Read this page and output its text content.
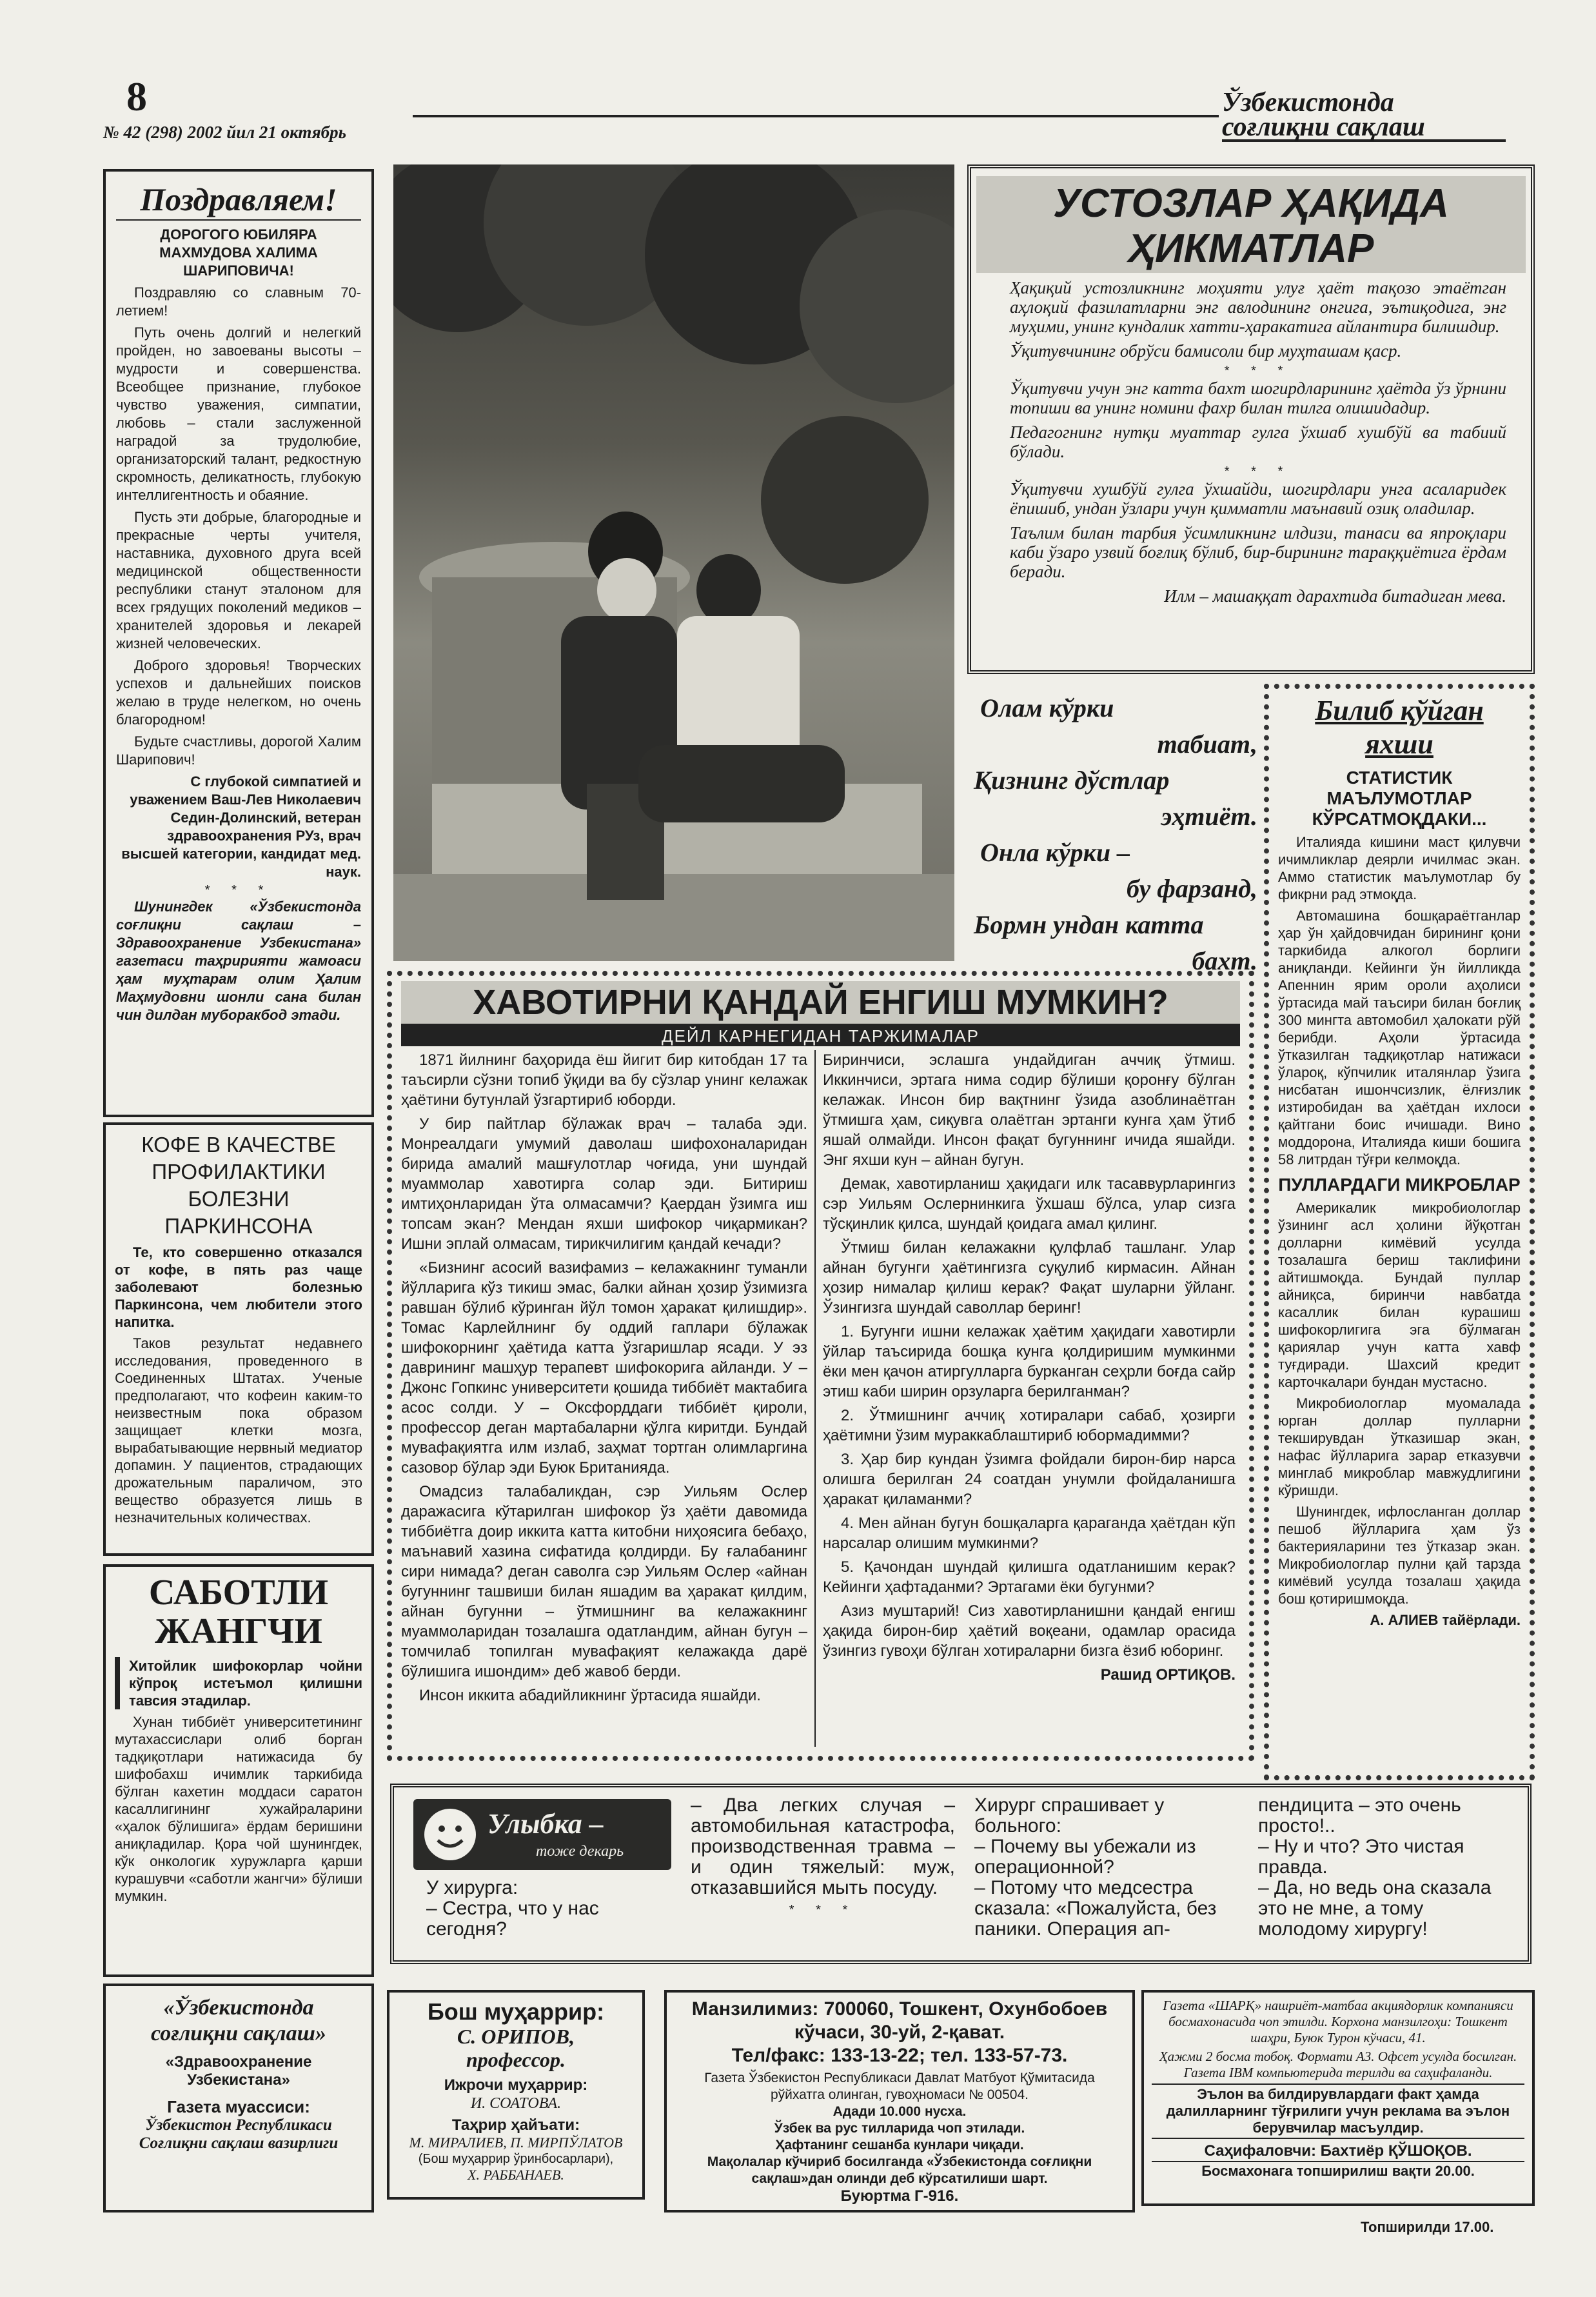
8
№ 42 (298) 2002 йил 21 октябрь
Ўзбекистонда
соғлиқни сақлаш
Поздравляем!
ДОРОГОГО ЮБИЛЯРА МАХМУДОВА ХАЛИМА ШАРИПОВИЧА!

Поздравляю со славным 70-летием!

Путь очень долгий и нелегкий пройден, но завоеваны высоты – мудрости и совершенства. Всеобщее признание, глубокое чувство уважения, симпатии, любовь – стали заслуженной наградой за трудолюбие, организаторский талант, редкостную скромность, деликатность, глубокую интеллигентность и обаяние.

Пусть эти добрые, благородные и прекрасные черты учителя, наставника, духовного друга всей медицинской общественности республики станут эталоном для всех грядущих поколений медиков – хранителей здоровья и лекарей жизней человеческих.

Доброго здоровья! Творческих успехов и дальнейших поисков желаю в труде нелегком, но очень благородном!

Будьте счастливы, дорогой Халим Шарипович!

С глубокой симпатией и уважением Ваш-Лев Николаевич Седин-Долинский, ветеран здравоохранения РУз, врач высшей категории, кандидат мед. наук.

* * *

Шунингдек «Ўзбекистонда соғлиқни сақлаш – Здравоохранение Узбекистана» газетаси таҳририяти жамоаси ҳам муҳтарам олим Ҳалим Маҳмудовни шонли сана билан чин дилдан муборакбод этади.

КОФЕ В КАЧЕСТВЕ ПРОФИЛАКТИКИ БОЛЕЗНИ ПАРКИНСОНА

Те, кто совершенно отказался от кофе, в пять раз чаще заболевают болезнью Паркинсона, чем любители этого напитка.

Таков результат недавнего исследования, проведенного в Соединенных Штатах. Ученые предполагают, что кофеин каким-то неизвестным пока образом защищает клетки мозга, вырабатывающие нервный медиатор допамин. У пациентов, страдающих дрожательным параличом, это вещество образуется лишь в незначительных количествах.

САБОТЛИ ЖАНГЧИ

Хитойлик шифокорлар чойни кўпроқ истеъмол қилишни тавсия этадилар.

Хунан тиббиёт университетининг мутахассислари олиб борган тадқиқотлари натижасида бу шифобахш ичимлик таркибида бўлган кахетин моддаси саратон касаллигининг хужайраларини «ҳалок бўлишига» ёрдам беришини аниқладилар. Қора чой шунингдек, кўк онкологик хуружларга қарши курашувчи «саботли жангчи» бўлиши мумкин.

УСТОЗЛАР ҲАҚИДА
ҲИКМАТЛАР

Ҳақиқий устозликнинг моҳияти улуғ ҳаёт тақозо этаётган аҳлоқий фазилатларни энг авлодининг онгига, эътиқодига, энг муҳими, унинг кундалик хатти-ҳаракатига айлантира билишдир.

Ўқитувчининг обрўси бамисоли бир муҳташам қаср.

* * *

Ўқитувчи учун энг катта бахт шогирдларининг ҳаётда ўз ўрнини топиши ва унинг номини фахр билан тилга олишидадир.

Педагогнинг нутқи муаттар гулга ўхшаб хушбўй ва табиий бўлади.

* * *

Ўқитувчи хушбўй гулга ўхшайди, шогирдлари унга асаларидек ёпишиб, ундан ўзлари учун қимматли маънавий озиқ оладилар.

Таълим билан тарбия ўсимликнинг илдизи, танаси ва япроқлари каби ўзаро узвий боғлиқ бўлиб, бир-бирининг тараққиётига ёрдам беради.

Илм – машаққат дарахтида битадиган мева.

Олам кўрки
табиат,
Қизнинг дўстлар
эҳтиёт.
Онла кўрки –
бу фарзанд,
Бормн ундан катта
бахт.
Билиб қўйган
яхши
СТАТИСТИК МАЪЛУМОТЛАР КЎРСАТМОҚДАКИ...

Италияда кишини маст қилувчи ичимликлар деярли ичилмас экан. Аммо статистик маълумотлар бу фикрни рад этмоқда.

Автомашина бошқараётганлар ҳар ўн ҳайдовчидан бирининг қони таркибида алкогол борлиги аниқланди. Кейинги ўн йилликда Апеннин ярим ороли аҳолиси ўртасида май таъсири билан боғлиқ 300 мингта автомобил ҳалокати рўй берибди. Аҳоли ўртасида ўтказилган тадқиқотлар натижаси ўлароқ, кўпчилик италянлар ўзига нисбатан ишончсизлик, ёлғизлик изтиробидан ва ҳаётдан ихлоси қайтгани боис ичишади. Вино моддорона, Италияда киши бошига 58 литрдан тўғри келмоқда.

ПУЛЛАРДАГИ МИКРОБЛАР

Америкалик микробиологлар ўзининг асл ҳолини йўқотган долларни кимёвий усулда тозалашга бериш таклифини айтишмоқда. Бундай пуллар айниқса, биринчи навбатда касаллик билан курашиш шифокорлигига эга бўлмаган қариялар учун катта хавф туғдиради. Шахсий кредит карточкалари бундан мустасно.

Микробиологлар муомалада юрган доллар пулларни текширувдан ўтказишар экан, нафас йўлларига зарар етказувчи минглаб микроблар мавжудлигини кўришди.

Шунингдек, ифлосланган доллар пешоб йўлларига ҳам ўз бактерияларини тез ўтказар экан. Микробиологлар пулни қай тарзда кимёвий усулда тозалаш ҳақида бош қотиришмоқда.

А. АЛИЕВ тайёрлади.

ХАВОТИРНИ ҚАНДАЙ ЕНГИШ МУМКИН?
ДЕЙЛ КАРНЕГИДАН ТАРЖИМАЛАР

1871 йилнинг баҳорида ёш йигит бир китобдан 17 та таъсирли сўзни топиб ўқиди ва бу сўзлар унинг келажак ҳаётини бутунлай ўзгартириб юборди.

У бир пайтлар бўлажак врач – талаба эди. Монреалдаги умумий даволаш шифохоналаридан бирида амалий машғулотлар чоғида, уни шундай муаммолар хавотирга солар эди. Битириш имтиҳонларидан ўта олмасамчи? Қаердан ўзимга иш топсам экан? Мендан яхши шифокор чиқармикан? Ишни эплай олмасам, тирикчилигим қандай кечади?

«Бизнинг асосий вазифамиз – келажакнинг туманли йўлларига кўз тикиш эмас, балки айнан ҳозир ўзимизга равшан бўлиб кўринган йўл томон ҳаракат қилишдир». Томас Карлейлнинг бу оддий гаплари бўлажак шифокорнинг ҳаётида катта ўзгаришлар ясади. У эз даврининг машҳур терапевт шифокорига айланди. У – Джонс Гопкинс университети қошида тиббиёт мактабига асос солди. У – Оксфорддаги тиббиёт қироли, профессор деган мартабаларни қўлга киритди. Бундай мувафақиятга илм излаб, заҳмат тортган олимларгина сазовор бўлар эди Буюк Британияда.

Омадсиз талабаликдан, сэр Уильям Ослер даражасига кўтарилган шифокор ўз ҳаёти давомида тиббиётга доир иккита катта китобни ниҳоясига бебаҳо, маънавий хазина сифатида қолдирди. Бу ғалабанинг сири нимада? деган саволга сэр Уильям Ослер «айнан бугуннинг ташвиши билан яшадим ва ҳаракат қилдим, айнан бугунни – ўтмишнинг ва келажакнинг муаммоларидан тозалашга одатландим, айнан бугун – томчилаб топилган мувафақият келажакда дарё бўлишига ишондим» деб жавоб берди.

Инсон иккита абадийликнинг ўртасида яшайди.

Биринчиси, эслашга ундайдиган аччиқ ўтмиш. Иккинчиси, эртага нима содир бўлиши қоронғу бўлган келажак. Инсон бир вақтнинг ўзида азоблинаётган ўтмишга ҳам, сиқувга олаётган эртанги кунга ҳам ўтиб яшай олмайди. Инсон фақат бугуннинг ичида яшайди. Энг яхши кун – айнан бугун.

Демак, хавотирланиш ҳақидаги илк тасаввурларингиз сэр Уильям Ослернинкига ўхшаш бўлса, улар сизга тўсқинлик қилса, шундай қоидага амал қилинг.

Ўтмиш билан келажакни қулфлаб ташланг. Улар айнан бугунги ҳаётингизга суқулиб кирмасин. Айнан ҳозир нималар қилиш керак? Фақат шуларни ўйланг. Ўзингизга шундай саволлар беринг!

1. Бугунги ишни келажак ҳаётим ҳақидаги хавотирли ўйлар таъсирида бошқа кунга қолдиришим мумкинми ёки мен қачон атиргулларга бурканган сеҳрли боғда сайр этиш каби ширин орзуларга берилганман?

2. Ўтмишнинг аччиқ хотиралари сабаб, ҳозирги ҳаётимни ўзим мураккаблаштириб юбормадимми?

3. Ҳар бир кундан ўзимга фойдали бирон-бир нарса олишга берилган 24 соатдан унумли фойдаланишга ҳаракат қиламанми?

4. Мен айнан бугун бошқаларга қараганда ҳаётдан кўп нарсалар олишим мумкинми?

5. Қачондан шундай қилишга одатланишим керак? Кейинги ҳафтаданми? Эртагами ёки бугунми?

Азиз муштарий! Сиз хавотирланишни қандай енгиш ҳақида бирон-бир ҳаётий воқеани, одамлар орасида ўзингиз гувоҳи бўлган хотираларни бизга ёзиб юборинг.

Рашид ОРТИҚОВ.

Улыбка –
тоже декарь
У хирурга:
– Сестра, что у нас сегодня?
– Два легких случая – автомобильная катастрофа, производственная травма – и один тяжелый: муж, отказавшийся мыть посуду.
* * *
Хирург спрашивает у больного:
– Почему вы убежали из операционной?
– Потому что медсестра сказала: «Пожалуйста, без паники. Операция ап-
пендицита – это очень просто!..
– Ну и что? Это чистая правда.
– Да, но ведь она сказала это не мне, а тому молодому хирургу!
«Ўзбекистонда
соғлиқни сақлаш»
«Здравоохранение Узбекистана»
Газета муассиси:
Ўзбекистон Республикаси Соғлиқни сақлаш вазирлиги
Бош муҳаррир:
С. ОРИПОВ,
профессор.
Ижрочи муҳаррир:
И. СОАТОВА.
Таҳрир ҳайъати:
М. МИРАЛИЕВ, П. МИРПЎЛАТОВ
(Бош муҳаррир ўринбосарлари),
Х. РАББАНАЕВ.
Манзилимиз: 700060, Тошкент, Охунбобоев кўчаси, 30-уй, 2-қават.
Тел/факс: 133-13-22; тел. 133-57-73.
Газета Ўзбекистон Республикаси Давлат Матбуот Қўмитасида рўйхатга олинган, гувоҳномаси № 00504.
Адади 10.000 нусха.
Ўзбек ва рус тилларида чоп этилади.
Ҳафтанинг сешанба кунлари чиқади.
Мақолалар кўчириб босилганда «Ўзбекистонда соғлиқни сақлаш»дан олинди деб кўрсатилиши шарт.
Буюртма Г-916.
Газета «ШАРҚ» нашриёт-матбаа акциядорлик компанияси босмахонасида чоп этилди. Корхона манзилгоҳи: Тошкент шаҳри, Буюк Турон кўчаси, 41.
Ҳажми 2 босма тобоқ. Формати А3. Офсет усулда босилган. Газета IBM компьютерида терилди ва саҳифаланди.
Эълон ва билдирувлардаги факт ҳамда далилларнинг тўғрилиги учун реклама ва эълон берувчилар масъулдир.
Саҳифаловчи: Бахтиёр ҚЎШОҚОВ.
Босмахонага топширилиш вақти 20.00.
Топширилди 17.00.
